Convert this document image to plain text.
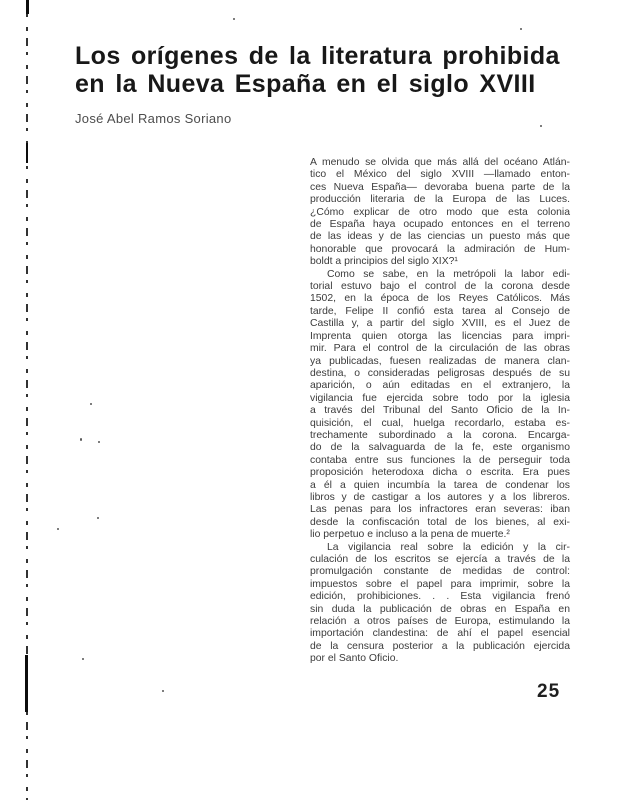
Los orígenes de la literatura prohibida
en la Nueva España en el siglo XVIII
José Abel Ramos Soriano
A menudo se olvida que más allá del océano Atlán-
tico el México del siglo XVIII —llamado enton-
ces Nueva España— devoraba buena parte de la
producción literaria de la Europa de las Luces.
¿Cómo explicar de otro modo que esta colonia
de España haya ocupado entonces en el terreno
de las ideas y de las ciencias un puesto más que
honorable que provocará la admiración de Hum-
boldt a principios del siglo XIX?¹
Como se sabe, en la metrópoli la labor edi-
torial estuvo bajo el control de la corona desde
1502, en la época de los Reyes Católicos. Más
tarde, Felipe II confió esta tarea al Consejo de
Castilla y, a partir del siglo XVIII, es el Juez de
Imprenta quien otorga las licencias para impri-
mir. Para el control de la circulación de las obras
ya publicadas, fuesen realizadas de manera clan-
destina, o consideradas peligrosas después de su
aparición, o aún editadas en el extranjero, la
vigilancia fue ejercida sobre todo por la iglesia
a través del Tribunal del Santo Oficio de la In-
quisición, el cual, huelga recordarlo, estaba es-
trechamente subordinado a la corona. Encarga-
do de la salvaguarda de la fe, este organismo
contaba entre sus funciones la de perseguir toda
proposición heterodoxa dicha o escrita. Era pues
a él a quien incumbía la tarea de condenar los
libros y de castigar a los autores y a los libreros.
Las penas para los infractores eran severas: iban
desde la confiscación total de los bienes, al exi-
lio perpetuo e incluso a la pena de muerte.²
La vigilancia real sobre la edición y la cir-
culación de los escritos se ejercía a través de la
promulgación constante de medidas de control:
impuestos sobre el papel para imprimir, sobre la
edición, prohibiciones. . . Esta vigilancia frenó
sin duda la publicación de obras en España en
relación a otros países de Europa, estimulando la
importación clandestina: de ahí el papel esencial
de la censura posterior a la publicación ejercida
por el Santo Oficio.
25
